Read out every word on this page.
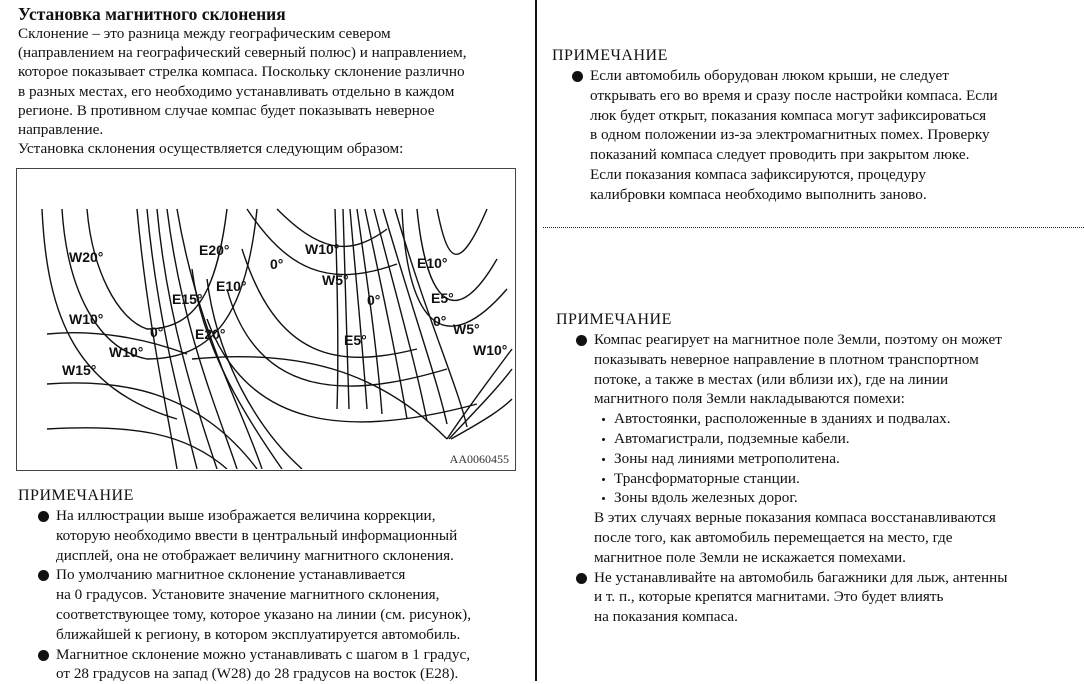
Установка магнитного склонения

Склонение – это разница между географическим севером

(направлением на географический северный полюс) и направлением,

которое показывает стрелка компаса. Поскольку склонение различно

в разных местах, его необходимо устанавливать отдельно в каждом

регионе. В противном случае компас будет показывать неверное

направление.

Установка склонения осуществляется следующим образом:

W20°	E20°
0°
W10°
E10°
E15°
E10°	W5°
0°	E5°
W10°
0° E20°
0° W5°
W10°
E5°
W10°
W15°
AA0060455

ПРИМЕЧАНИЕ

На иллюстрации выше изображается величина коррекции,
которую необходимо ввести в центральный информационный
дисплей, она не отображает величину магнитного склонения.
По умолчанию магнитное склонение устанавливается
на 0 градусов. Установите значение магнитного склонения,
соответствующее тому, которое указано на линии (см. рисунок),
ближайшей к региону, в котором эксплуатируется автомобиль.
Магнитное склонение можно устанавливать с шагом в 1 градус,
от 28 градусов на запад (W28) до 28 градусов на восток (E28).

ПРИМЕЧАНИЕ

Если автомобиль оборудован люком крыши, не следует
открывать его во время и сразу после настройки компаса. Если
люк будет открыт, показания компаса могут зафиксироваться
в одном положении из-за электромагнитных помех. Проверку
показаний компаса следует проводить при закрытом люке.
Если показания компаса зафиксируются, процедуру
калибровки компаса необходимо выполнить заново.

ПРИМЕЧАНИЕ

Компас реагирует на магнитное поле Земли, поэтому он может
показывать неверное направление в плотном транспортном
потоке, а также в местах (или вблизи их), где на линии
магнитного поля Земли накладываются помехи:
Автостоянки, расположенные в зданиях и подвалах.
Автомагистрали, подземные кабели.
Зоны над линиями метрополитена.
Трансформаторные станции.
Зоны вдоль железных дорог.
В этих случаях верные показания компаса восстанавливаются
после того, как автомобиль перемещается на место, где
магнитное поле Земли не искажается помехами.
Не устанавливайте на автомобиль багажники для лыж, антенны
и т. п., которые крепятся магнитами. Это будет влиять
на показания компаса.
